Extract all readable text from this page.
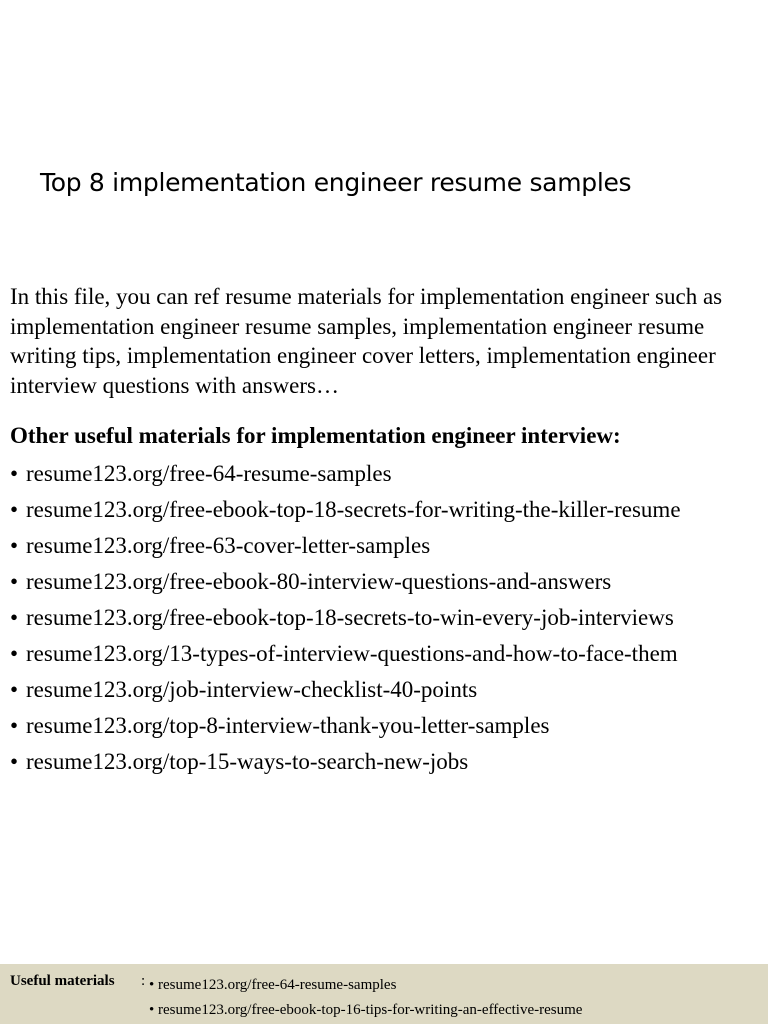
Top 8 implementation engineer resume samples

In this file, you can ref resume materials for implementation engineer such as implementation engineer resume samples, implementation engineer resume writing tips, implementation engineer cover letters, implementation engineer interview questions with answers…

Other useful materials for implementation engineer interview:

• resume123.org/free-64-resume-samples
• resume123.org/free-ebook-top-18-secrets-for-writing-the-killer-resume
• resume123.org/free-63-cover-letter-samples
• resume123.org/free-ebook-80-interview-questions-and-answers
• resume123.org/free-ebook-top-18-secrets-to-win-every-job-interviews
• resume123.org/13-types-of-interview-questions-and-how-to-face-them
• resume123.org/job-interview-checklist-40-points
• resume123.org/top-8-interview-thank-you-letter-samples
• resume123.org/top-15-ways-to-search-new-jobs
Useful materials : • resume123.org/free-64-resume-samples
• resume123.org/free-ebook-top-16-tips-for-writing-an-effective-resume
